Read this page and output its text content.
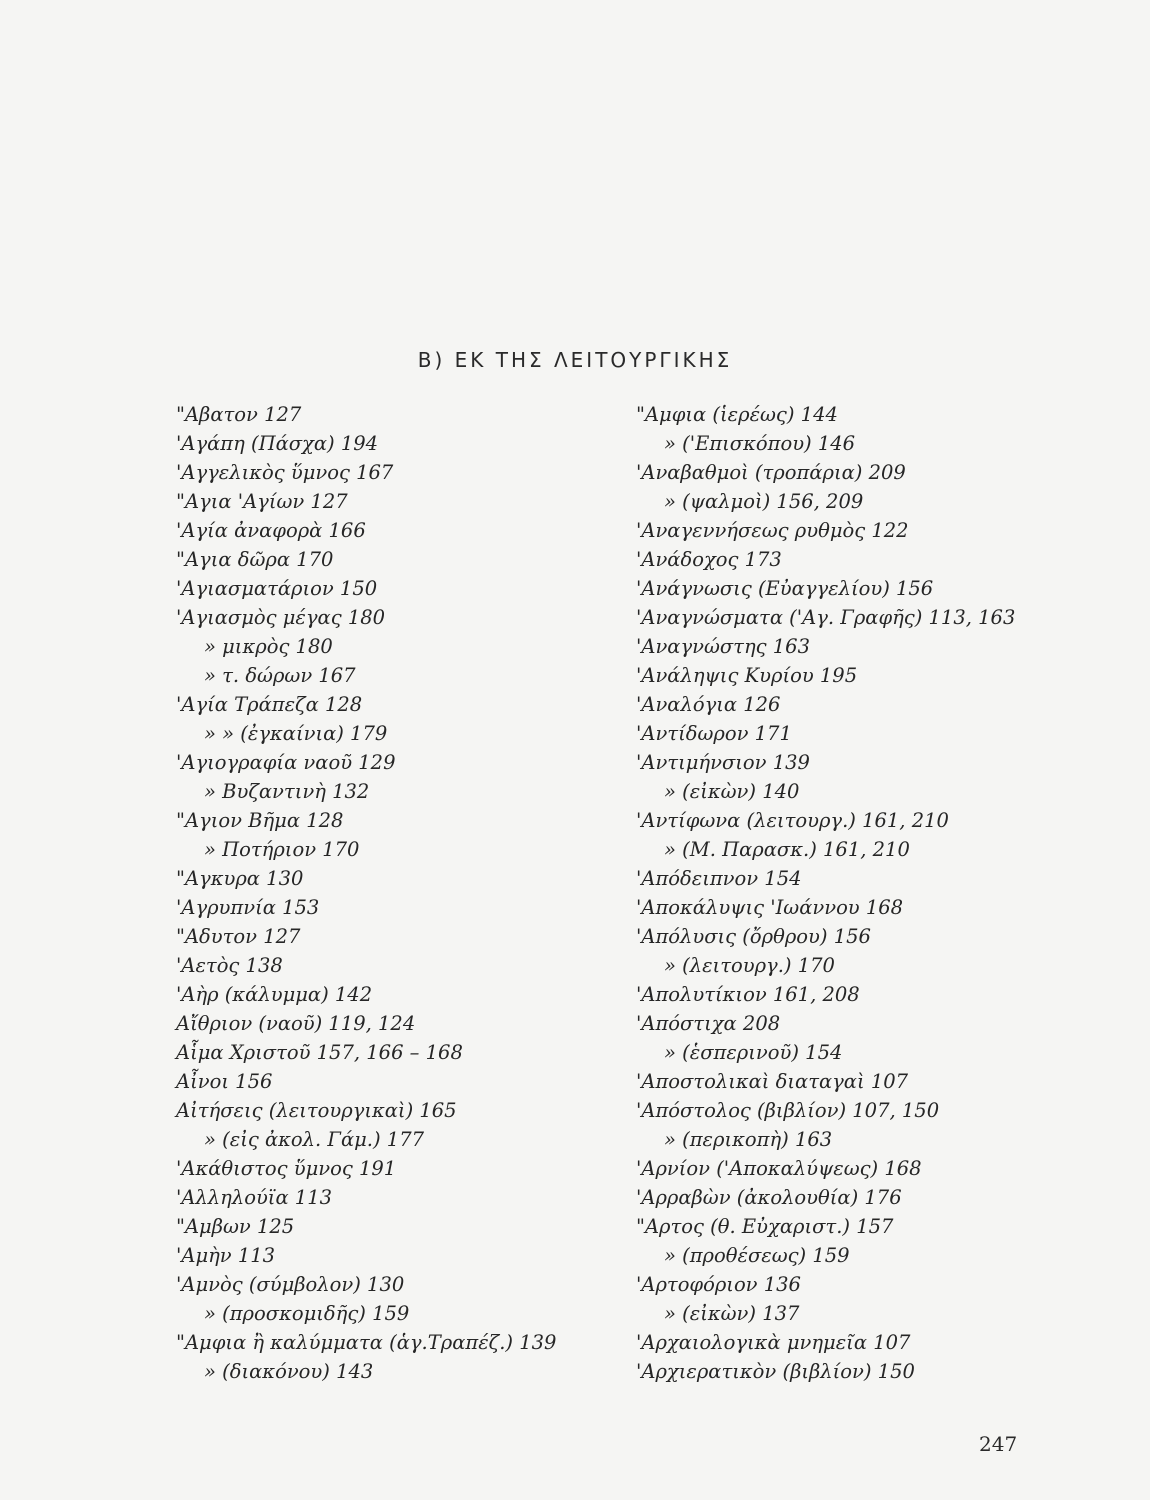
Β) ΕΚ ΤΗΣ ΛΕΙΤΟΥΡΓΙΚΗΣ
"Αβατον 127
'Αγάπη (Πάσχα) 194
'Αγγελικὸς ὕμνος 167
"Αγια 'Αγίων 127
'Αγία ἀναφορὰ 166
"Αγια δῶρα 170
'Αγιασματάριον 150
'Αγιασμὸς μέγας 180
» μικρὸς 180
» τ. δώρων 167
'Αγία Τράπεζα 128
» » (ἐγκαίνια) 179
'Αγιογραφία ναοῦ 129
» Βυζαντινὴ 132
"Αγιον Βῆμα 128
» Ποτήριον 170
"Αγκυρα 130
'Αγρυπνία 153
"Αδυτον 127
'Αετὸς 138
'Αὴρ (κάλυμμα) 142
Αἴθριον (ναοῦ) 119, 124
Αἷμα Χριστοῦ 157, 166 – 168
Αἶνοι 156
Αἰτήσεις (λειτουργικαὶ) 165
» (εἰς ἀκολ. Γάμ.) 177
'Ακάθιστος ὕμνος 191
'Αλληλούϊα 113
"Αμβων 125
'Αμὴν 113
'Αμνὸς (σύμβολον) 130
» (προσκομιδῆς) 159
"Αμφια ἢ καλύμματα (ἁγ.Τραπέζ.) 139
» (διακόνου) 143
"Αμφια (ἱερέως) 144
» ('Επισκόπου) 146
'Αναβαθμοὶ (τροπάρια) 209
» (ψαλμοὶ) 156, 209
'Αναγεννήσεως ρυθμὸς 122
'Ανάδοχος 173
'Ανάγνωσις (Εὐαγγελίου) 156
'Αναγνώσματα ('Αγ. Γραφῆς) 113, 163
'Αναγνώστης 163
'Ανάληψις Κυρίου 195
'Αναλόγια 126
'Αντίδωρον 171
'Αντιμήνσιον 139
» (εἰκὼν) 140
'Αντίφωνα (λειτουργ.) 161, 210
» (Μ. Παρασκ.) 161, 210
'Απόδειπνον 154
'Αποκάλυψις 'Ιωάννου 168
'Απόλυσις (ὄρθρου) 156
» (λειτουργ.) 170
'Απολυτίκιον 161, 208
'Απόστιχα 208
» (ἑσπερινοῦ) 154
'Αποστολικαὶ διαταγαὶ 107
'Απόστολος (βιβλίον) 107, 150
» (περικοπὴ) 163
'Αρνίον ('Αποκαλύψεως) 168
'Αρραβὼν (ἀκολουθία) 176
"Αρτος (θ. Εὐχαριστ.) 157
» (προθέσεως) 159
'Αρτοφόριον 136
» (εἰκὼν) 137
'Αρχαιολογικὰ μνημεῖα 107
'Αρχιερατικὸν (βιβλίον) 150
247
